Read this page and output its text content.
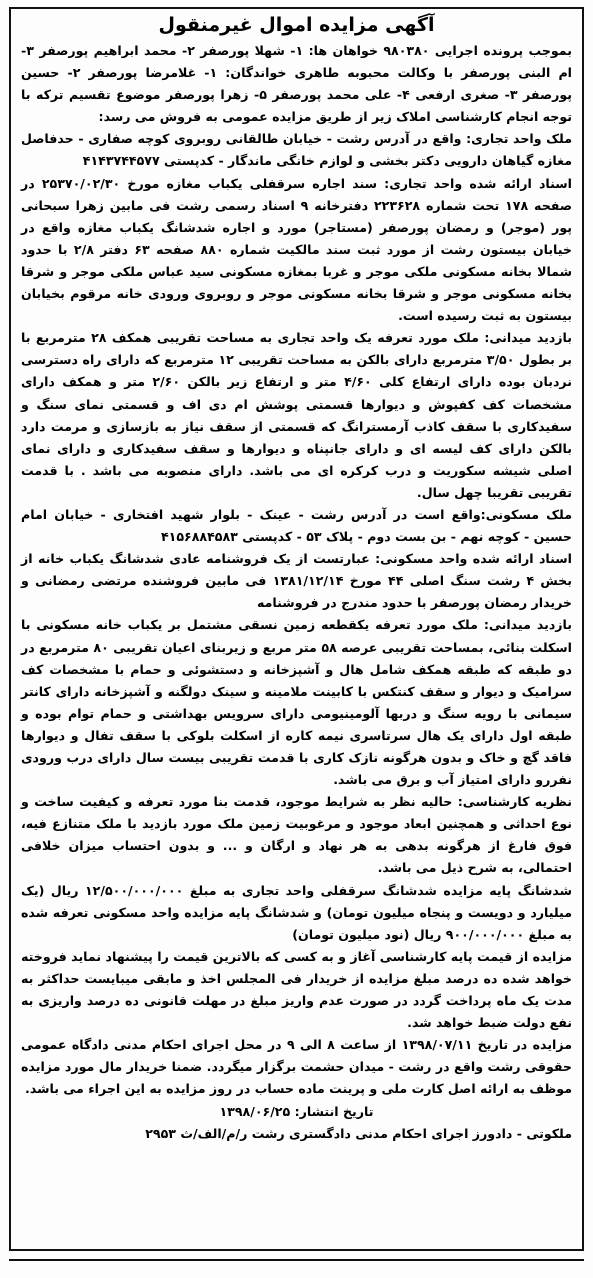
آگهی مزایده اموال غیرمنقول

بموجب پرونده اجرایی ۹۸۰۳۸۰ خواهان ها: ۱- شهلا پورصفر ۲- محمد ابراهیم پورصفر ۳- ام البنی پورصفر با وکالت محبوبه طاهری خواندگان: ۱- غلامرضا پورصفر ۲- حسین پورصفر ۳- صغری ارفعی ۴- علی محمد پورصفر ۵- زهرا پورصفر موضوع تقسیم ترکه با توجه انجام کارشناسی املاک زیر از طریق مزایده عمومی به فروش می رسد:

ملک واحد تجاری: واقع در آدرس رشت - خیابان طالقانی روبروی کوچه صفاری - حدفاصل مغازه گیاهان دارویی دکتر بخشی و لوازم خانگی ماندگار - کدپستی ۴۱۴۳۷۴۴۵۷۷

اسناد ارائه شده واحد تجاری: سند اجاره سرقفلی یکباب مغازه مورخ ۲۵۳۷۰/۰۲/۳۰ در صفحه ۱۷۸ تحت شماره ۲۲۳۶۲۸ دفترخانه ۹ اسناد رسمی رشت فی مابین زهرا سبحانی پور (موجر) و رمضان پورصفر (مستاجر) مورد و اجاره شدشانگ یکباب مغازه واقع در خیابان بیستون رشت از مورد ثبت سند مالکیت شماره ۸۸۰ صفحه ۶۳ دفتر ۲/۸ با حدود شمالا بخانه مسکونی ملکی موجر و غربا بمغازه مسکونی سید عباس ملکی موجر و شرقا بخانه مسکونی موجر و شرقا بخانه مسکونی موجر و روبروی ورودی خانه مرقوم بخیابان بیستون به ثبت رسیده است.

بازدید میدانی: ملک مورد تعرفه یک واحد تجاری به مساحت تقریبی همکف ۲۸ مترمربع با بر بطول ۳/۵۰ مترمربع دارای بالکن به مساحت تقریبی ۱۲ مترمربع که دارای راه دسترسی نردبان بوده دارای ارتفاع کلی ۴/۶۰ متر و ارتفاع زیر بالکن ۲/۶۰ متر و همکف دارای مشخصات کف کفپوش و دیوارها قسمتی پوشش ام دی اف و قسمتی نمای سنگ و سفیدکاری با سقف کاذب آرمسترانگ که قسمتی از سقف نیاز به بازسازی و مرمت دارد بالکن دارای کف لیسه ای و دارای جانپناه و دیوارها و سقف سفیدکاری و دارای نمای اصلی شیشه سکوریت و درب کرکره ای می باشد. دارای منصوبه می باشد . با قدمت تقریبی تقریبا چهل سال.

ملک مسکونی:واقع است در آدرس رشت - عینک - بلوار شهید افتخاری - خیابان امام حسین - کوچه نهم - بن بست دوم - پلاک ۵۳ - کدپستی ۴۱۵۶۸۸۴۵۸۳

اسناد ارائه شده واحد مسکونی: عبارتست از یک فروشنامه عادی شدشانگ یکباب خانه از بخش ۴ رشت سنگ اصلی ۴۴ مورخ ۱۳۸۱/۱۲/۱۴ فی مابین فروشنده مرتضی رمضانی و خریدار رمضان پورصفر با حدود مندرج در فروشنامه

بازدید میدانی: ملک مورد تعرفه یکقطعه زمین نسقی مشتمل بر یکباب خانه مسکونی با اسکلت بنائی، بمساحت تقریبی عرصه ۵۸ متر مربع و زیربنای اعیان تقریبی ۸۰ مترمربع در دو طبقه که طبقه همکف شامل هال و آشپزخانه و دستشوئی و حمام با مشخصات کف سرامیک و دیوار و سقف کنتکس با کابینت ملامینه و سینک دولگنه و آشپزخانه دارای کانتر سیمانی با رویه سنگ و دربها آلومینیومی دارای سرویس بهداشتی و حمام توام بوده و طبقه اول دارای یک هال سرتاسری نیمه کاره از اسکلت بلوکی با سقف تفال و دیوارها فاقد گچ و خاک و بدون هرگونه نازک کاری با قدمت تقریبی بیست سال دارای درب ورودی نفررو دارای امتیاز آب و برق می باشد.

نظریه کارشناسی: حالیه نظر به شرایط موجود، قدمت بنا مورد تعرفه و کیفیت ساخت و نوع احداثی و همچنین ابعاد موجود و مرغوبیت زمین ملک مورد بازدید با ملک متنازع فیه، فوق فارغ از هرگونه بدهی به هر نهاد و ارگان و ... و بدون احتساب میزان خلافی احتمالی، به شرح ذیل می باشد.

شدشانگ پایه مزایده شدشانگ سرقفلی واحد تجاری به مبلغ ۱۲/۵۰۰/۰۰۰/۰۰۰ ریال (یک میلیارد و دویست و پنجاه میلیون تومان) و شدشانگ پایه مزایده واحد مسکونی تعرفه شده به مبلغ ۹۰۰/۰۰۰/۰۰۰ ریال (نود میلیون تومان)

مزایده از قیمت پایه کارشناسی آغاز و به کسی که بالاترین قیمت را پیشنهاد نماید فروخته خواهد شده ده درصد مبلغ مزایده از خریدار فی المجلس اخذ و مابقی میبایست حداکثر به مدت یک ماه پرداخت گردد در صورت عدم واریز مبلغ در مهلت قانونی ده درصد واریزی به نفع دولت ضبط خواهد شد.

مزایده در تاریخ ۱۳۹۸/۰۷/۱۱ از ساعت ۸ الی ۹ در محل اجرای احکام مدنی دادگاه عمومی حقوقی رشت واقع در رشت - میدان حشمت برگزار میگردد. ضمنا خریدار مال مورد مزایده موظف به ارائه اصل کارت ملی و پرینت ماده حساب در روز مزایده به این اجراء می باشد.

تاریخ انتشار: ۱۳۹۸/۰۶/۲۵

ملکوتی - دادورز اجرای احکام مدنی دادگستری رشت ر/م/الف/ث ۲۹۵۳
